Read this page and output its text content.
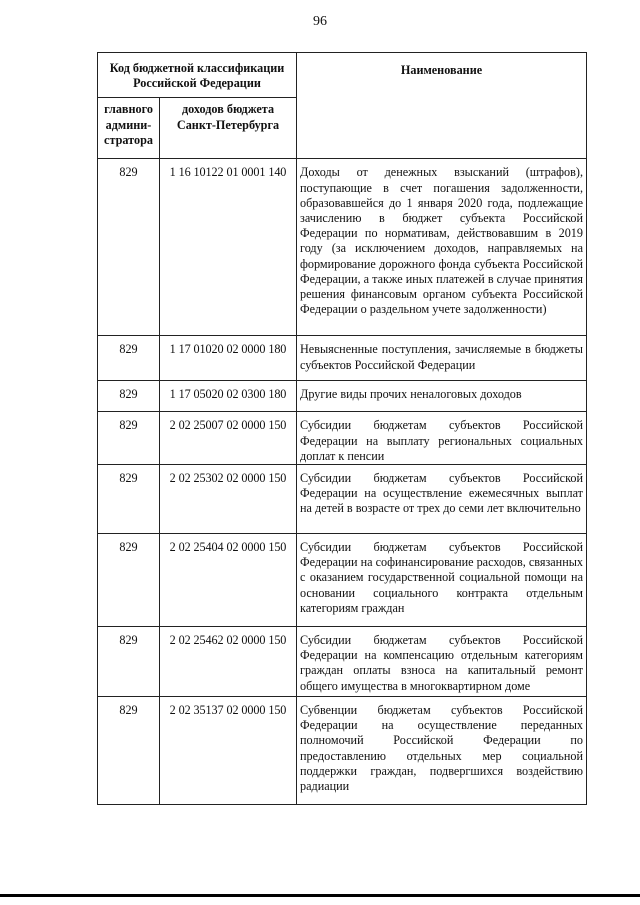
96
Код бюджетной классификации Российской Федерации		Наименование
главного админи-стратора	доходов бюджета Санкт-Петербурга	
829	1 16 10122 01 0001 140	Доходы от денежных взысканий (штрафов), поступающие в счет погашения задолженности, образовавшейся до 1 января 2020 года, подлежащие зачислению в бюджет субъекта Российской Федерации по нормативам, действовавшим в 2019 году (за исключением доходов, направляемых на формирование дорожного фонда субъекта Российской Федерации, а также иных платежей в случае принятия решения финансовым органом субъекта Российской Федерации о раздельном учете задолженности)
829	1 17 01020 02 0000 180	Невыясненные поступления, зачисляемые в бюджеты субъектов Российской Федерации
829	1 17 05020 02 0300 180	Другие виды прочих неналоговых доходов
829	2 02 25007 02 0000 150	Субсидии бюджетам субъектов Российской Федерации на выплату региональных социальных доплат к пенсии
829	2 02 25302 02 0000 150	Субсидии бюджетам субъектов Российской Федерации на осуществление ежемесячных выплат на детей в возрасте от трех до семи лет включительно
829	2 02 25404 02 0000 150	Субсидии бюджетам субъектов Российской Федерации на софинансирование расходов, связанных с оказанием государственной социальной помощи на основании социального контракта отдельным категориям граждан
829	2 02 25462 02 0000 150	Субсидии бюджетам субъектов Российской Федерации на компенсацию отдельным категориям граждан оплаты взноса на капитальный ремонт общего имущества в многоквартирном доме
829	2 02 35137 02 0000 150	Субвенции бюджетам субъектов Российской Федерации на осуществление переданных полномочий Российской Федерации по предоставлению отдельных мер социальной поддержки граждан, подвергшихся воздействию радиации
